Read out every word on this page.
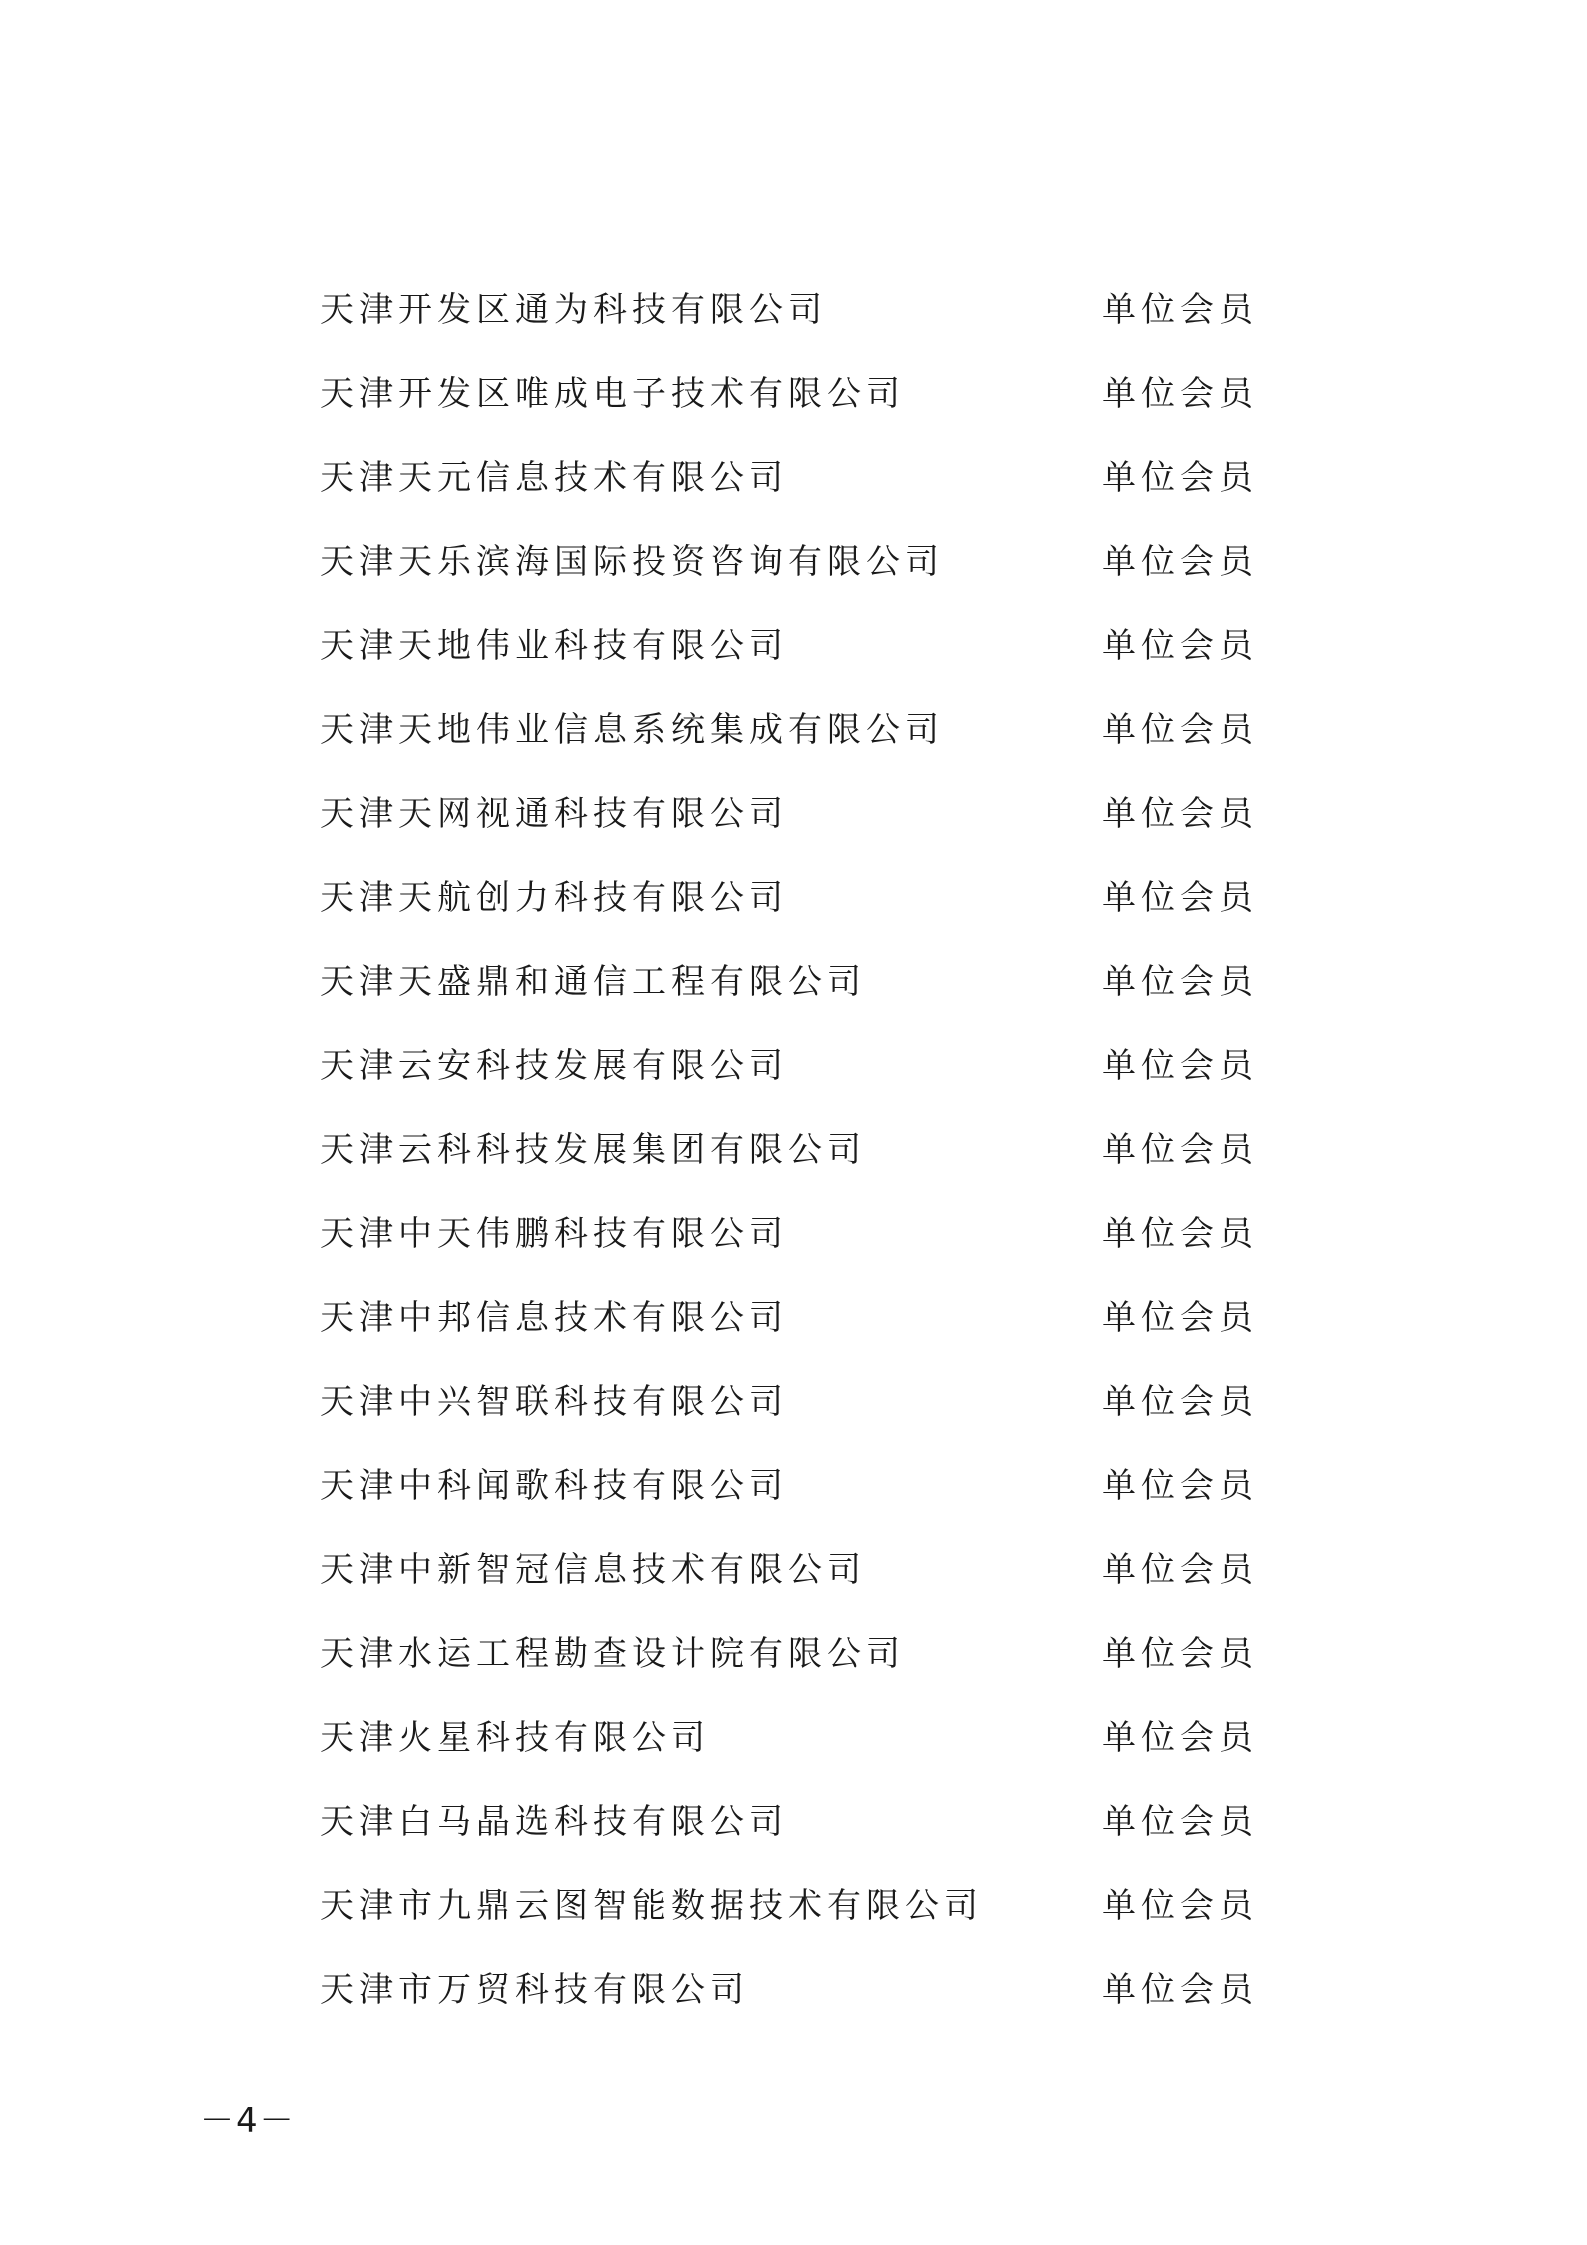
天津开发区通为科技有限公司	单位会员
天津开发区唯成电子技术有限公司	单位会员
天津天元信息技术有限公司	单位会员
天津天乐滨海国际投资咨询有限公司	单位会员
天津天地伟业科技有限公司	单位会员
天津天地伟业信息系统集成有限公司	单位会员
天津天网视通科技有限公司	单位会员
天津天航创力科技有限公司	单位会员
天津天盛鼎和通信工程有限公司	单位会员
天津云安科技发展有限公司	单位会员
天津云科科技发展集团有限公司	单位会员
天津中天伟鹏科技有限公司	单位会员
天津中邦信息技术有限公司	单位会员
天津中兴智联科技有限公司	单位会员
天津中科闻歌科技有限公司	单位会员
天津中新智冠信息技术有限公司	单位会员
天津水运工程勘查设计院有限公司	单位会员
天津火星科技有限公司	单位会员
天津白马晶选科技有限公司	单位会员
天津市九鼎云图智能数据技术有限公司	单位会员
天津市万贸科技有限公司	单位会员
－4－
